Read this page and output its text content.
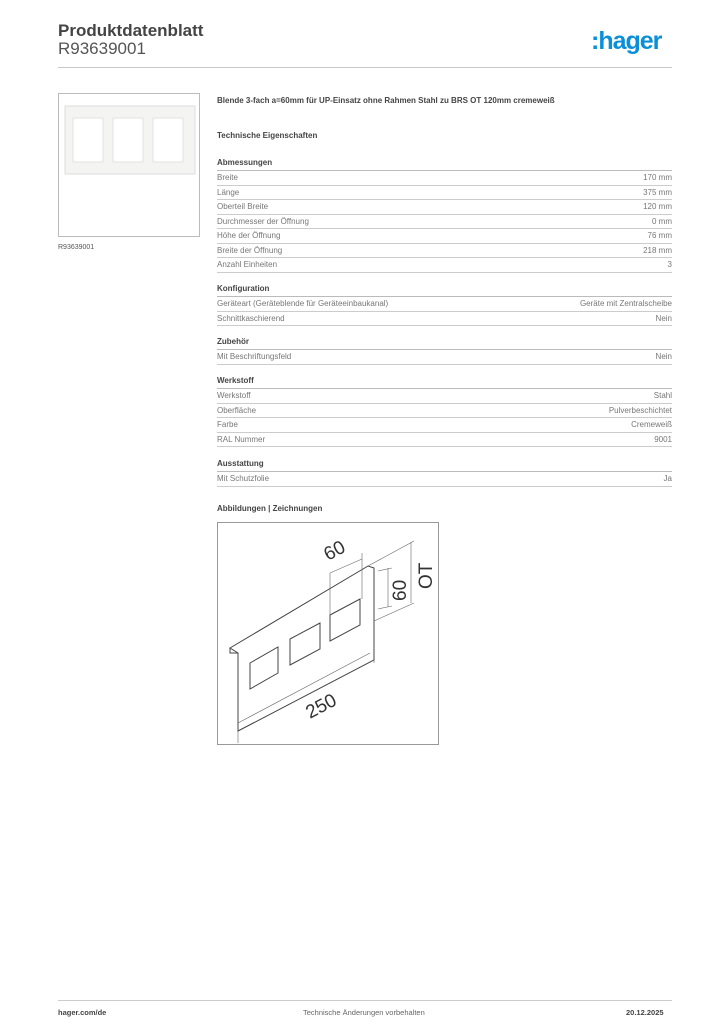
Produktdatenblatt
R93639001	:hager
R93639001
Blende 3-fach a=60mm für UP-Einsatz ohne Rahmen Stahl zu BRS OT 120mm cremeweiß
Technische Eigenschaften
Abmessungen
Breite	170 mm
Länge	375 mm
Oberteil Breite	120 mm
Durchmesser der Öffnung	0 mm
Höhe der Öffnung	76 mm
Breite der Öffnung	218 mm
Anzahl Einheiten	3
Konfiguration
Geräteart (Geräteblende für Geräteeinbaukanal)	Geräte mit Zentralscheibe
Schnittkaschierend	Nein
Zubehör
Mit Beschriftungsfeld	Nein
Werkstoff
Werkstoff	Stahl
Oberfläche	Pulverbeschichtet
Farbe	Cremeweiß
RAL Nummer	9001
Ausstattung
Mit Schutzfolie	Ja
Abbildungen | Zeichnungen
60
60
OT
250
hager.com/de	Technische Änderungen vorbehalten	20.12.2025
